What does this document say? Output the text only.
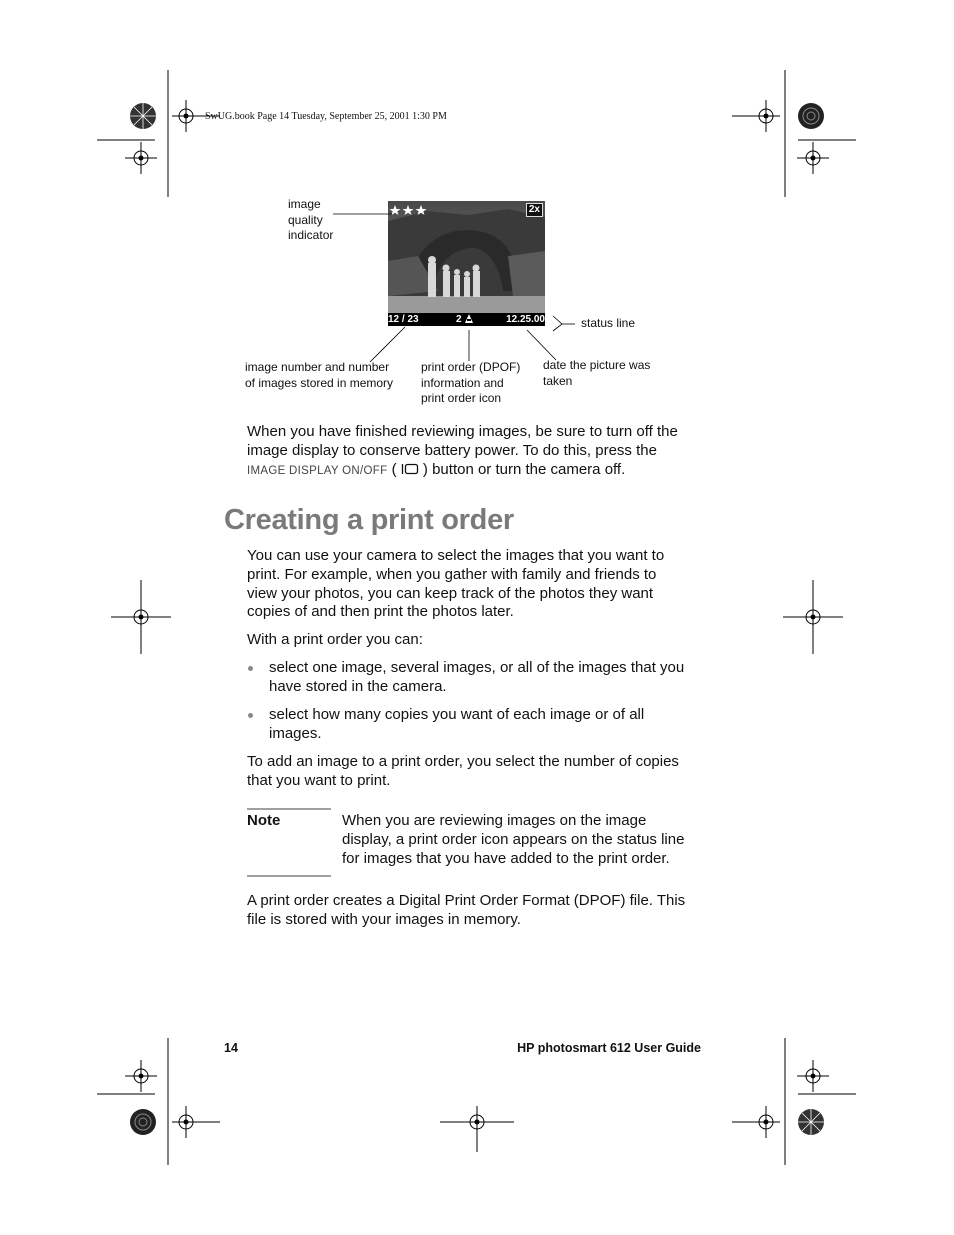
SwUG.book Page 14 Tuesday, September 25, 2001 1:30 PM
2x
12 / 23	2	12.25.00
image
quality
indicator
status line
image number and number
of images stored in memory
print order (DPOF)
information and
print order icon
date the picture was
taken
When you have finished reviewing images, be sure to turn off the
image display to conserve battery power. To do this, press the
IMAGE DISPLAY ON/OFF (  ) button or turn the camera off.
Creating a print order
You can use your camera to select the images that you want to
print. For example, when you gather with family and friends to
view your photos, you can keep track of the photos they want
copies of and then print the photos later.
With a print order you can:
select one image, several images, or all of the images that you
have stored in the camera.
select how many copies you want of each image or of all
images.
To add an image to a print order, you select the number of copies
that you want to print.
Note	When you are reviewing images on the image
display, a print order icon appears on the status line
for images that you have added to the print order.
A print order creates a Digital Print Order Format (DPOF) file. This
file is stored with your images in memory.
14	HP photosmart 612 User Guide
